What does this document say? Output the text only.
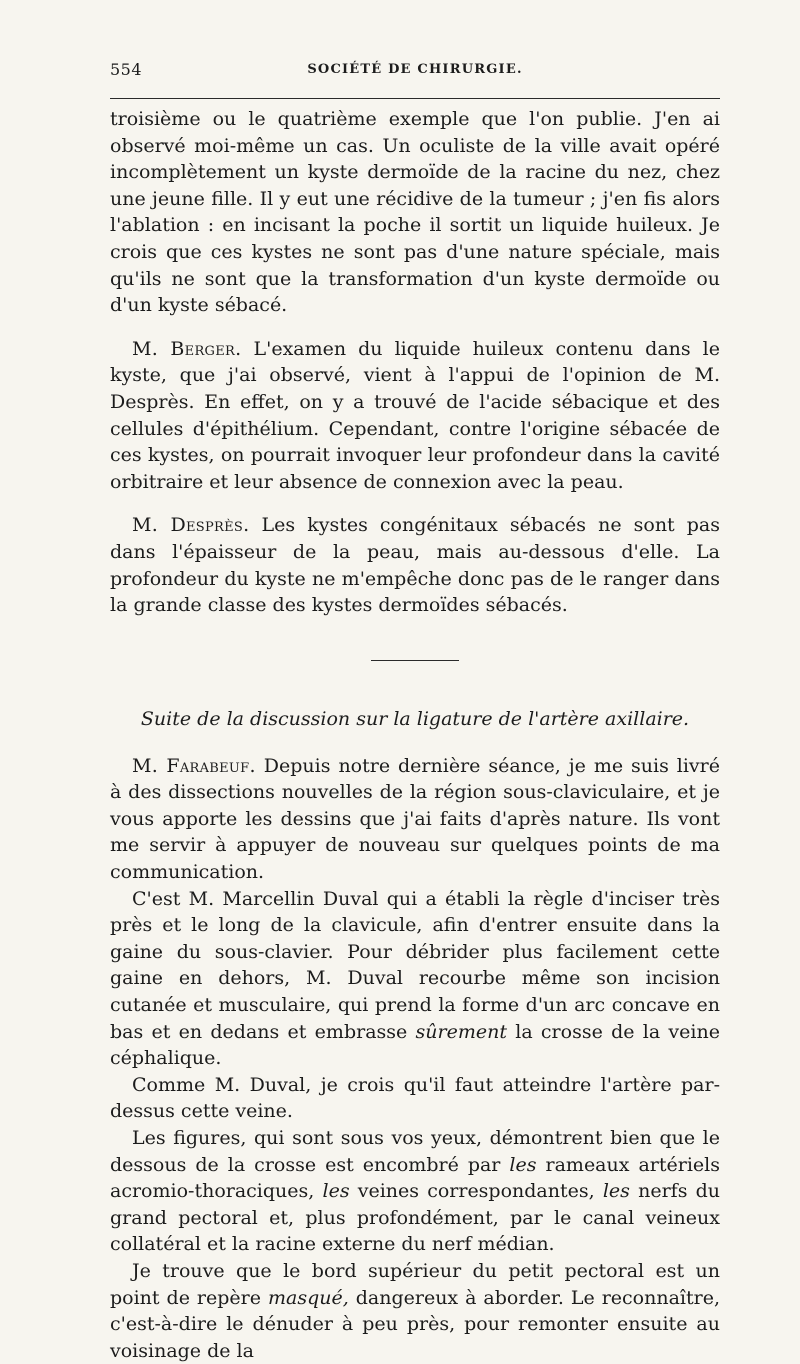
554	SOCIÉTÉ DE CHIRURGIE.

troisième ou le quatrième exemple que l'on publie. J'en ai observé moi-même un cas. Un oculiste de la ville avait opéré incomplètement un kyste dermoïde de la racine du nez, chez une jeune fille. Il y eut une récidive de la tumeur ; j'en fis alors l'ablation : en incisant la poche il sortit un liquide huileux. Je crois que ces kystes ne sont pas d'une nature spéciale, mais qu'ils ne sont que la transformation d'un kyste dermoïde ou d'un kyste sébacé.

M. Berger. L'examen du liquide huileux contenu dans le kyste, que j'ai observé, vient à l'appui de l'opinion de M. Desprès. En effet, on y a trouvé de l'acide sébacique et des cellules d'épithélium. Cependant, contre l'origine sébacée de ces kystes, on pourrait invoquer leur profondeur dans la cavité orbitraire et leur absence de connexion avec la peau.

M. Desprès. Les kystes congénitaux sébacés ne sont pas dans l'épaisseur de la peau, mais au-dessous d'elle. La profondeur du kyste ne m'empêche donc pas de le ranger dans la grande classe des kystes dermoïdes sébacés.

Suite de la discussion sur la ligature de l'artère axillaire.

M. Farabeuf. Depuis notre dernière séance, je me suis livré à des dissections nouvelles de la région sous-claviculaire, et je vous apporte les dessins que j'ai faits d'après nature. Ils vont me servir à appuyer de nouveau sur quelques points de ma communication.

C'est M. Marcellin Duval qui a établi la règle d'inciser très près et le long de la clavicule, afin d'entrer ensuite dans la gaine du sous-clavier. Pour débrider plus facilement cette gaine en dehors, M. Duval recourbe même son incision cutanée et musculaire, qui prend la forme d'un arc concave en bas et en dedans et embrasse sûrement la crosse de la veine céphalique.

Comme M. Duval, je crois qu'il faut atteindre l'artère par-dessus cette veine.

Les figures, qui sont sous vos yeux, démontrent bien que le dessous de la crosse est encombré par les rameaux artériels acromio-thoraciques, les veines correspondantes, les nerfs du grand pectoral et, plus profondément, par le canal veineux collatéral et la racine externe du nerf médian.

Je trouve que le bord supérieur du petit pectoral est un point de repère masqué, dangereux à aborder. Le reconnaître, c'est-à-dire le dénuder à peu près, pour remonter ensuite au voisinage de la
